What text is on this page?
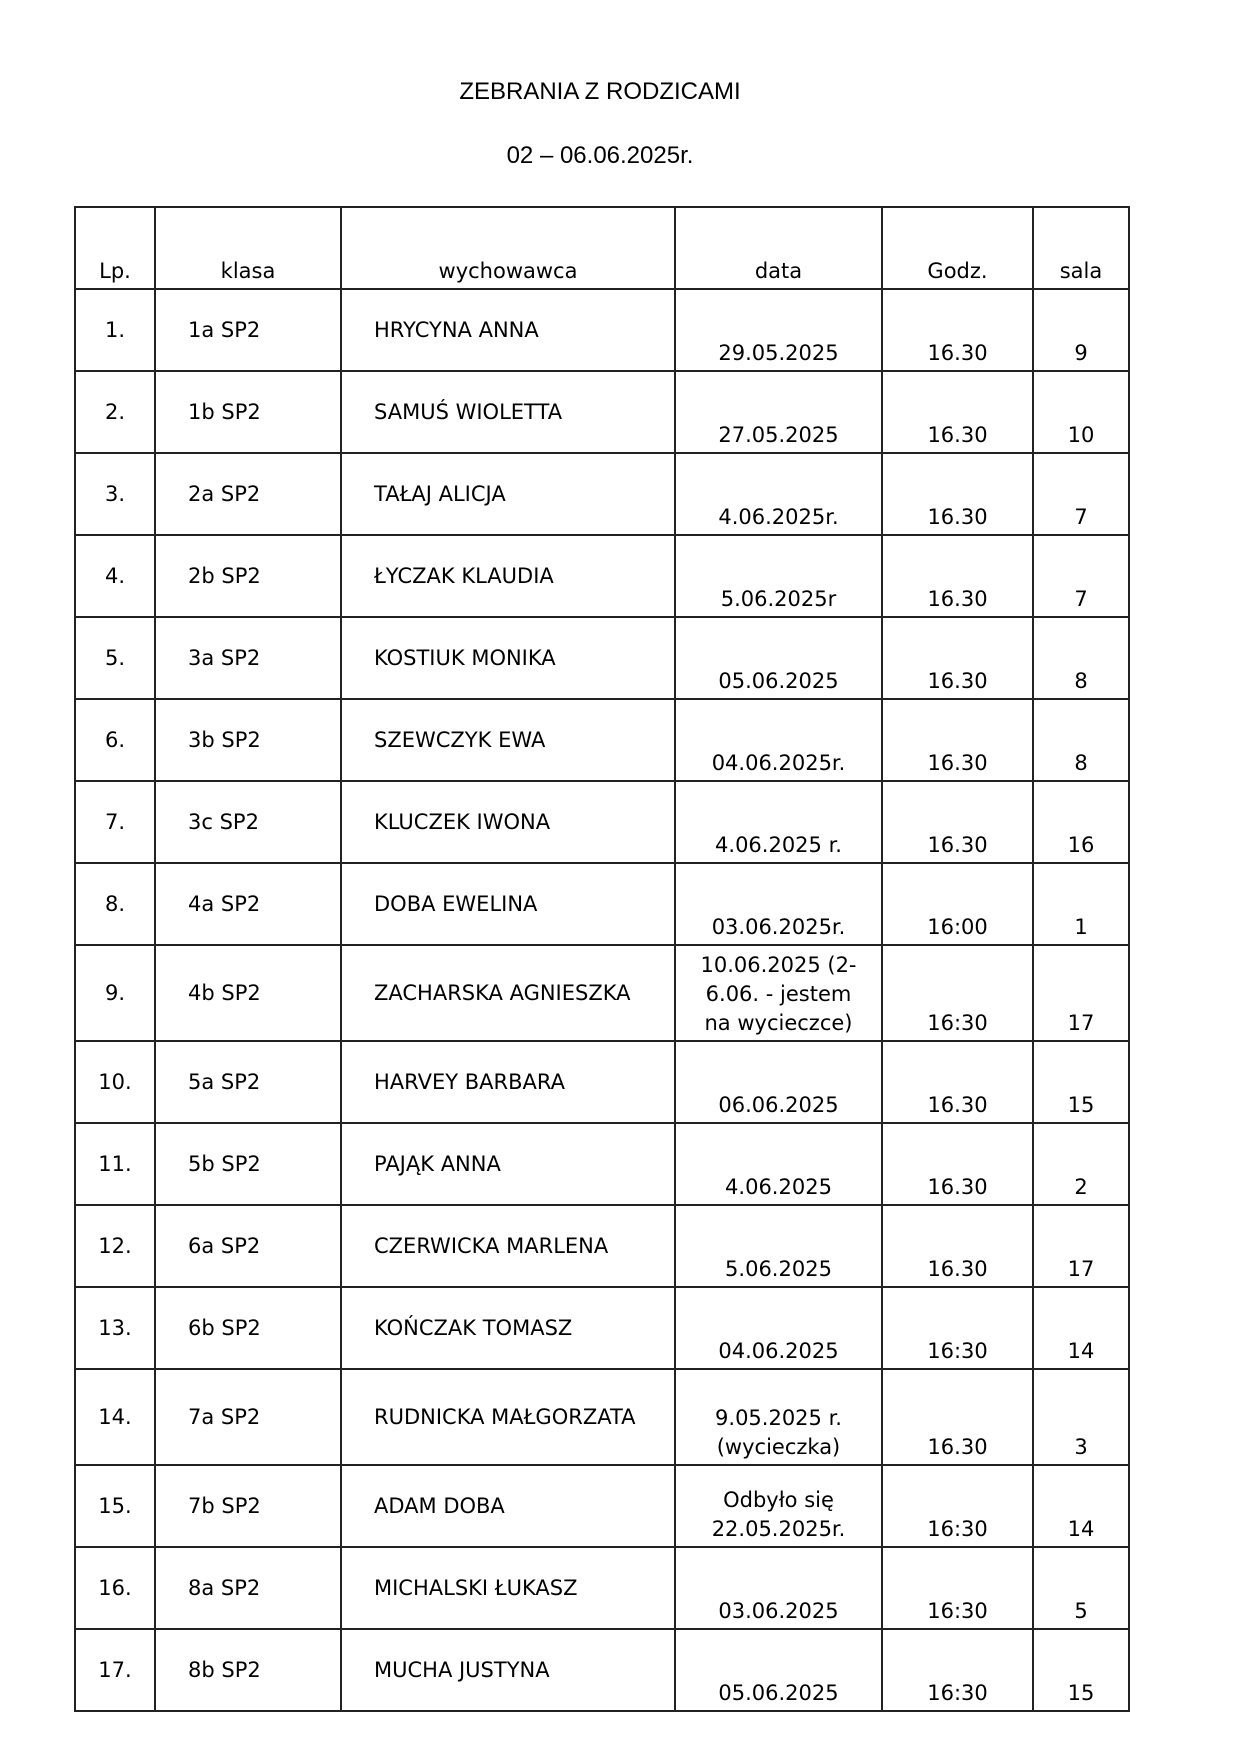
ZEBRANIA Z RODZICAMI
02 – 06.06.2025r.
Lp.	klasa	wychowawca	data	Godz.	sala
1.	1a SP2	HRYCYNA ANNA	29.05.2025	16.30	9
2.	1b SP2	SAMUŚ WIOLETTA	27.05.2025	16.30	10
3.	2a SP2	TAŁAJ ALICJA	4.06.2025r.	16.30	7
4.	2b SP2	ŁYCZAK KLAUDIA	5.06.2025r	16.30	7
5.	3a SP2	KOSTIUK MONIKA	05.06.2025	16.30	8
6.	3b SP2	SZEWCZYK EWA	04.06.2025r.	16.30	8
7.	3c SP2	KLUCZEK IWONA	4.06.2025 r.	16.30	16
8.	4a SP2	DOBA EWELINA	03.06.2025r.	16:00	1
9.	4b SP2	ZACHARSKA AGNIESZKA	10.06.2025 (2-6.06. - jestem na wycieczce)	16:30	17
10.	5a SP2	HARVEY BARBARA	06.06.2025	16.30	15
11.	5b SP2	PAJĄK ANNA	4.06.2025	16.30	2
12.	6a SP2	CZERWICKA MARLENA	5.06.2025	16.30	17
13.	6b SP2	KOŃCZAK TOMASZ	04.06.2025	16:30	14
14.	7a SP2	RUDNICKA MAŁGORZATA	9.05.2025 r. (wycieczka)	16.30	3
15.	7b SP2	ADAM DOBA	Odbyło się 22.05.2025r.	16:30	14
16.	8a SP2	MICHALSKI ŁUKASZ	03.06.2025	16:30	5
17.	8b SP2	MUCHA JUSTYNA	05.06.2025	16:30	15
